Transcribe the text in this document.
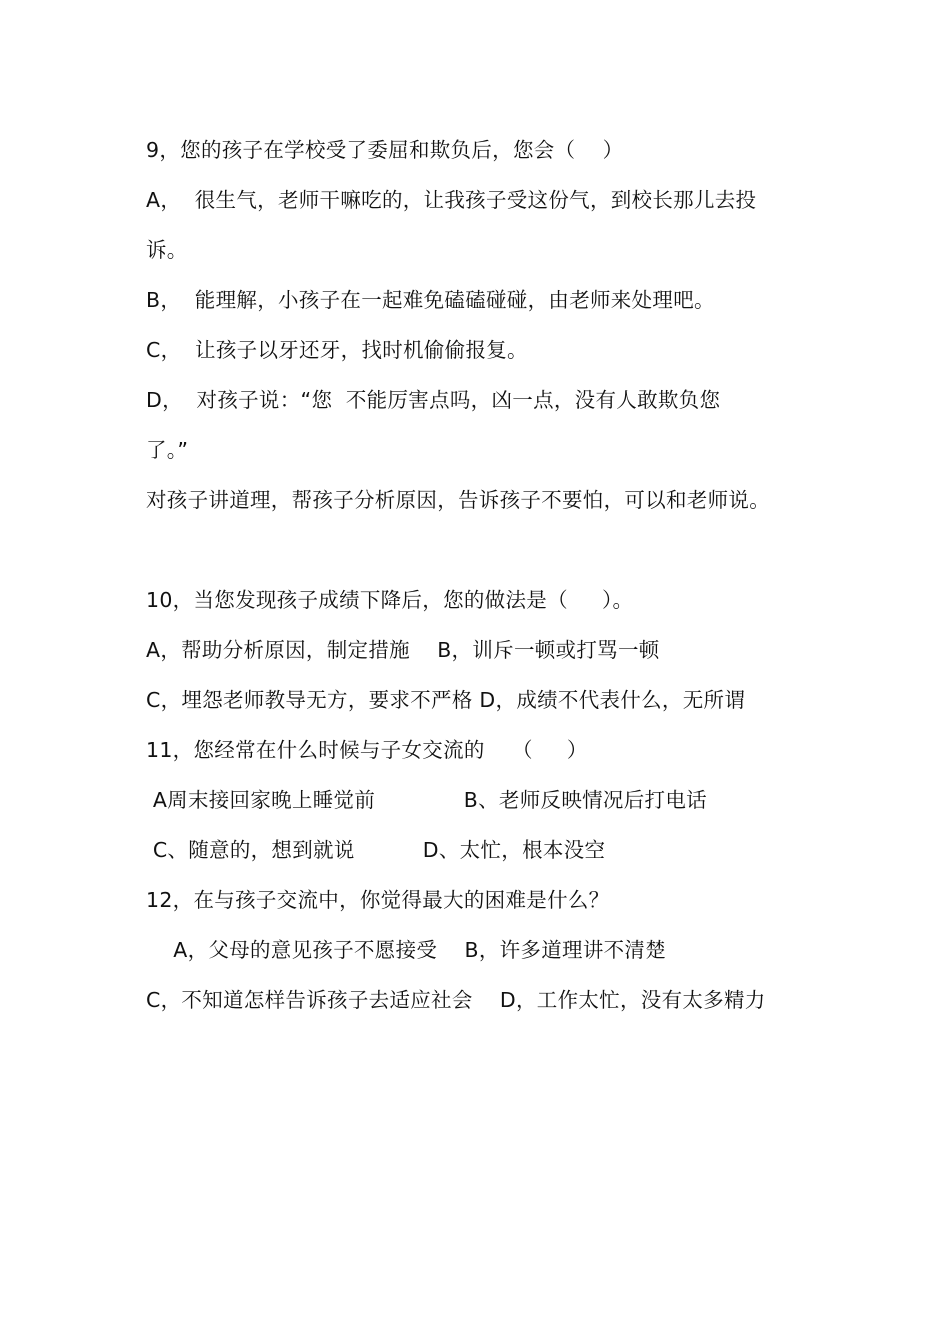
9，您的孩子在学校受了委屈和欺负后，您会（    ）
A，  很生气，老师干嘛吃的，让我孩子受这份气，到校长那儿去投
诉。
B，  能理解，小孩子在一起难免磕磕碰碰，由老师来处理吧。
C，  让孩子以牙还牙，找时机偷偷报复。
D，  对孩子说：“您  不能厉害点吗，凶一点，没有人敢欺负您
了。”
对孩子讲道理，帮孩子分析原因，告诉孩子不要怕，可以和老师说。
10，当您发现孩子成绩下降后，您的做法是（     ）。
A，帮助分析原因，制定措施    B，训斥一顿或打骂一顿
C，埋怨老师教导无方，要求不严格 D，成绩不代表什么，无所谓
11，您经常在什么时候与子女交流的    （     ）
A周末接回家晚上睡觉前             B、老师反映情况后打电话
C、随意的，想到就说          D、太忙，根本没空
12，在与孩子交流中，你觉得最大的困难是什么？
A，父母的意见孩子不愿接受    B，许多道理讲不清楚
C，不知道怎样告诉孩子去适应社会    D，工作太忙，没有太多精力
